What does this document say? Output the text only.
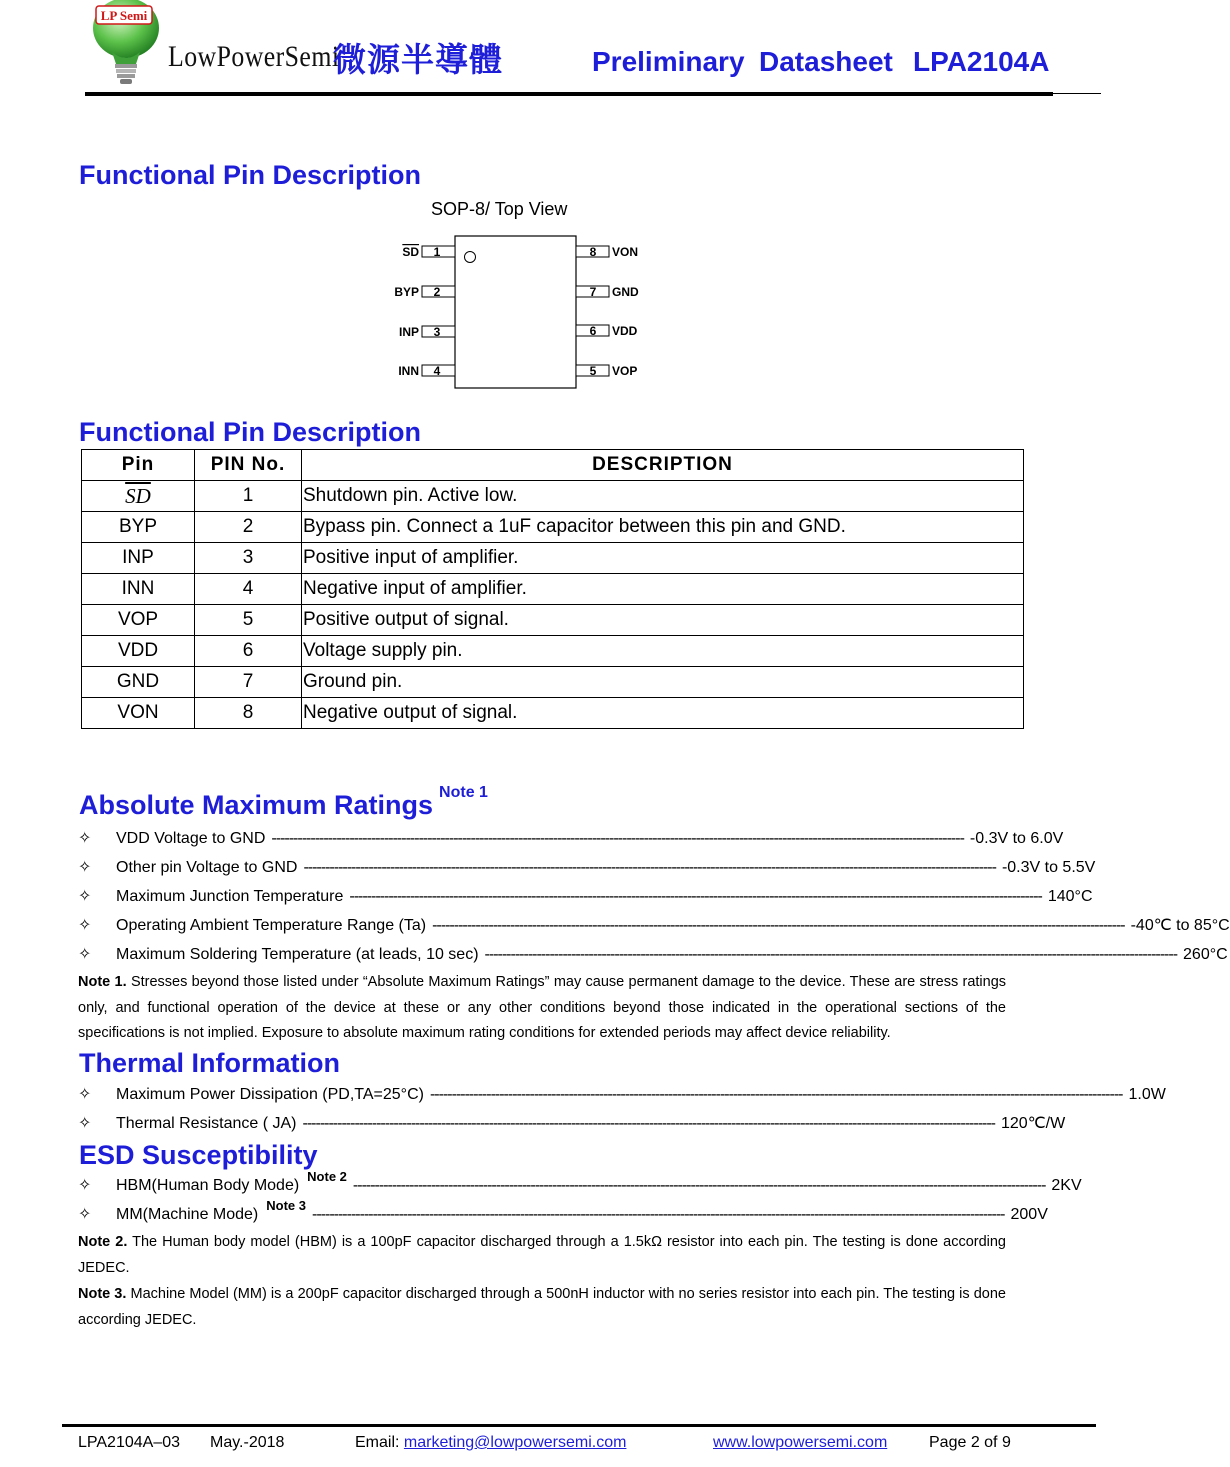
LP Semi
LowPowerSemi
微源半導體	Preliminary Datasheet LPA2104A
Functional Pin Description
SOP-8/ Top View
1
SD
2
BYP
3
INP
4
INN
8 VON
7 GND
6 VDD
5 VOP
Functional Pin Description
Pin	PIN No.	DESCRIPTION
$\overline{SD}$	1	Shutdown pin. Active low.
BYP	2	Bypass pin. Connect a 1uF capacitor between this pin and GND.
INP	3	Positive input of amplifier.
INN	4	Negative input of amplifier.
VOP	5	Positive output of signal.
VDD	6	Voltage supply pin.
GND	7	Ground pin.
VON	8	Negative output of signal.
Absolute Maximum Ratings $^{Note 1}$
✧	VDD Voltage to GND ---------------------------------------------------------------------------------------------------------------------------------------------------------------- -0.3V to 6.0V
✧	Other pin Voltage to GND ---------------------------------------------------------------------------------------------------------------------------------------------------------------- -0.3V to 5.5V
✧	Maximum Junction Temperature ---------------------------------------------------------------------------------------------------------------------------------------------------------------- 140°C
✧	Operating Ambient Temperature Range (Ta) ---------------------------------------------------------------------------------------------------------------------------------------------------------------- -40℃ to 85°C
✧	Maximum Soldering Temperature (at leads, 10 sec) ---------------------------------------------------------------------------------------------------------------------------------------------------------------- 260°C
Note 1. Stresses beyond those listed under “Absolute Maximum Ratings” may cause permanent damage to the device. These are stress ratings only, and functional operation of the device at these or any other conditions beyond those indicated in the operational sections of the specifications is not implied. Exposure to absolute maximum rating conditions for extended periods may affect device reliability.
Thermal Information
✧	Maximum Power Dissipation (PD,TA=25°C) ---------------------------------------------------------------------------------------------------------------------------------------------------------------- 1.0W
✧	Thermal Resistance ( JA) ---------------------------------------------------------------------------------------------------------------------------------------------------------------- 120℃/W
ESD Susceptibility
✧	HBM(Human Body Mode)
Note 2
---------------------------------------------------------------------------------------------------------------------------------------------------------------- 2KV
✧	MM(Machine Mode)
Note 3
---------------------------------------------------------------------------------------------------------------------------------------------------------------- 200V
Note 2. The Human body model (HBM) is a 100pF capacitor discharged through a 1.5kΩ resistor into each pin. The testing is done according JEDEC.
Note 3. Machine Model (MM) is a 200pF capacitor discharged through a 500nH inductor with no series resistor into each pin. The testing is done according JEDEC.
LPA2104A–03 May.-2018	Email: marketing@lowpowersemi.com	www.lowpowersemi.com	Page 2 of 9
